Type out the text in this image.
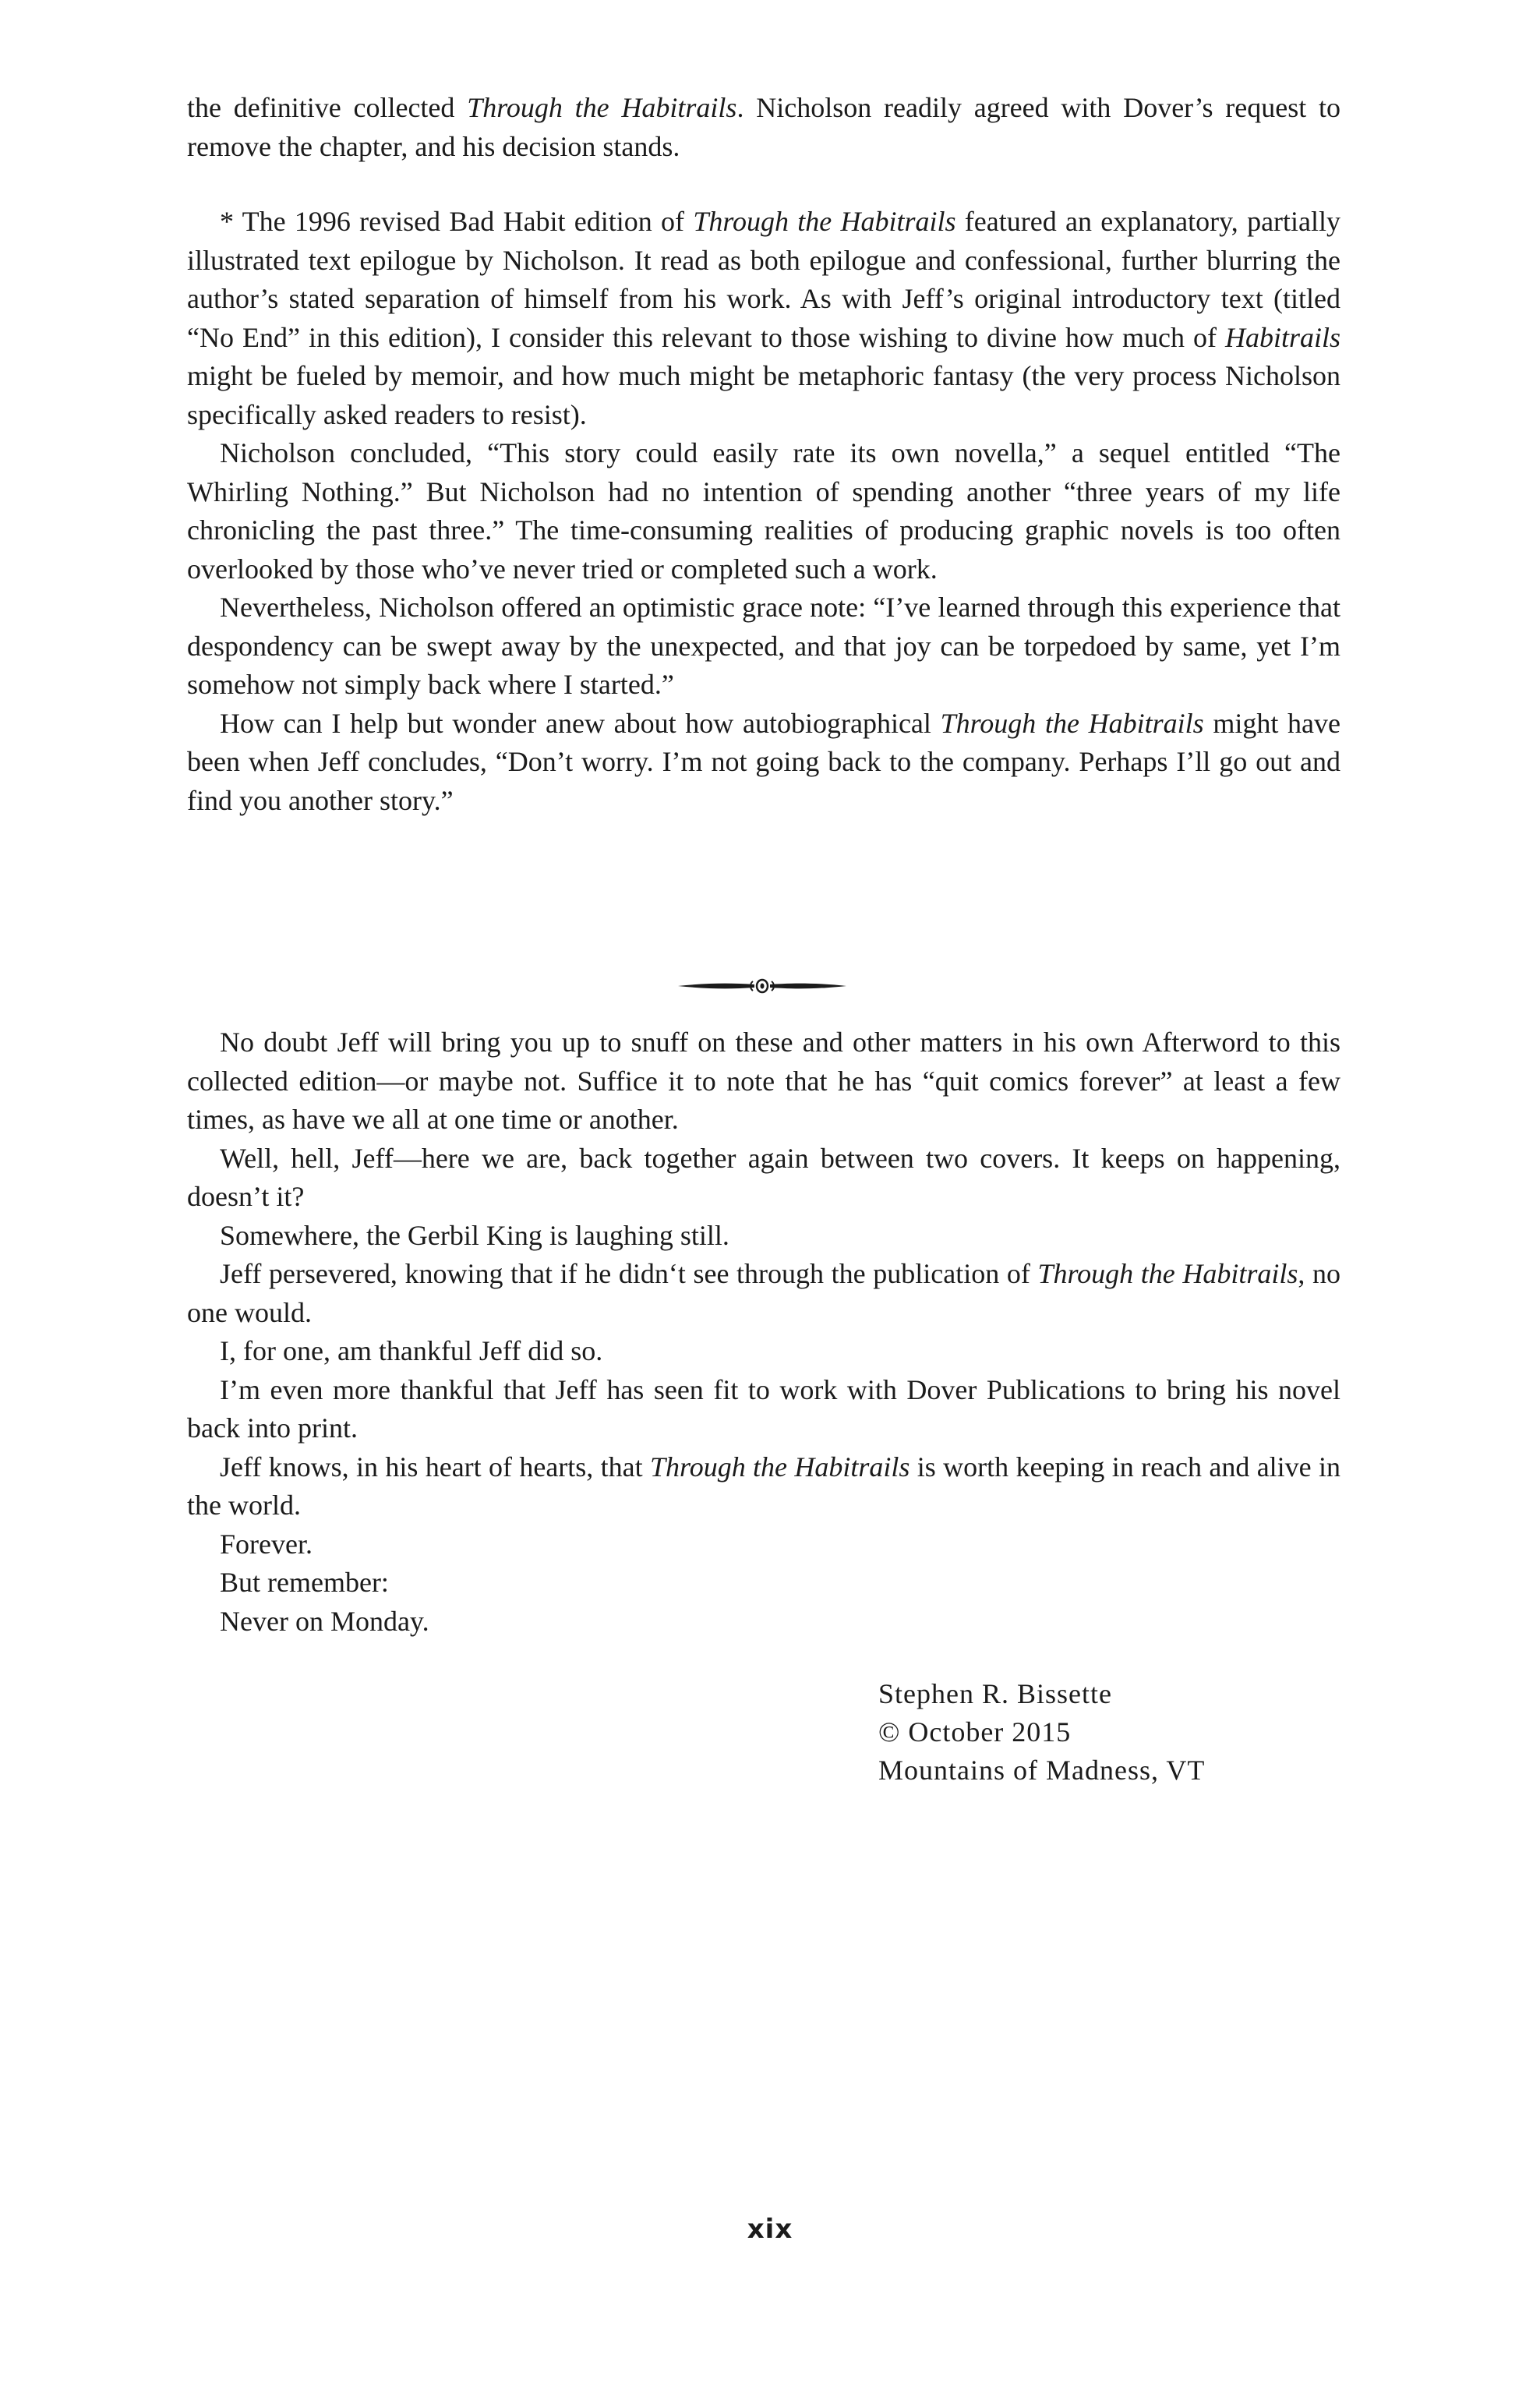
the definitive collected Through the Habitrails. Nicholson readily agreed with Dover’s request to remove the chapter, and his decision stands.

* The 1996 revised Bad Habit edition of Through the Habitrails featured an explanatory, partially illustrated text epilogue by Nicholson. It read as both epilogue and confessional, further blurring the author’s stated separation of himself from his work. As with Jeff’s original introductory text (titled “No End” in this edition), I consider this relevant to those wishing to divine how much of Habitrails might be fueled by memoir, and how much might be metaphoric fantasy (the very process Nicholson specifically asked readers to resist).

Nicholson concluded, “This story could easily rate its own novella,” a sequel entitled “The Whirling Nothing.” But Nicholson had no intention of spending another “three years of my life chronicling the past three.” The time-consuming realities of producing graphic novels is too often overlooked by those who’ve never tried or completed such a work.

Nevertheless, Nicholson offered an optimistic grace note: “I’ve learned through this experience that despondency can be swept away by the unexpected, and that joy can be torpedoed by same, yet I’m somehow not simply back where I started.”

How can I help but wonder anew about how autobiographical Through the Habitrails might have been when Jeff concludes, “Don’t worry. I’m not going back to the company. Perhaps I’ll go out and find you another story.”

No doubt Jeff will bring you up to snuff on these and other matters in his own Afterword to this collected edition—or maybe not. Suffice it to note that he has “quit comics forever” at least a few times, as have we all at one time or another.

Well, hell, Jeff—here we are, back together again between two covers. It keeps on happening, doesn’t it?

Somewhere, the Gerbil King is laughing still.

Jeff persevered, knowing that if he didn‘t see through the publication of Through the Habitrails, no one would.

I, for one, am thankful Jeff did so.

I’m even more thankful that Jeff has seen fit to work with Dover Publications to bring his novel back into print.

Jeff knows, in his heart of hearts, that Through the Habitrails is worth keeping in reach and alive in the world.

Forever.

But remember:

Never on Monday.

Stephen R. Bissette
© October 2015
Mountains of Madness, VT
xix
